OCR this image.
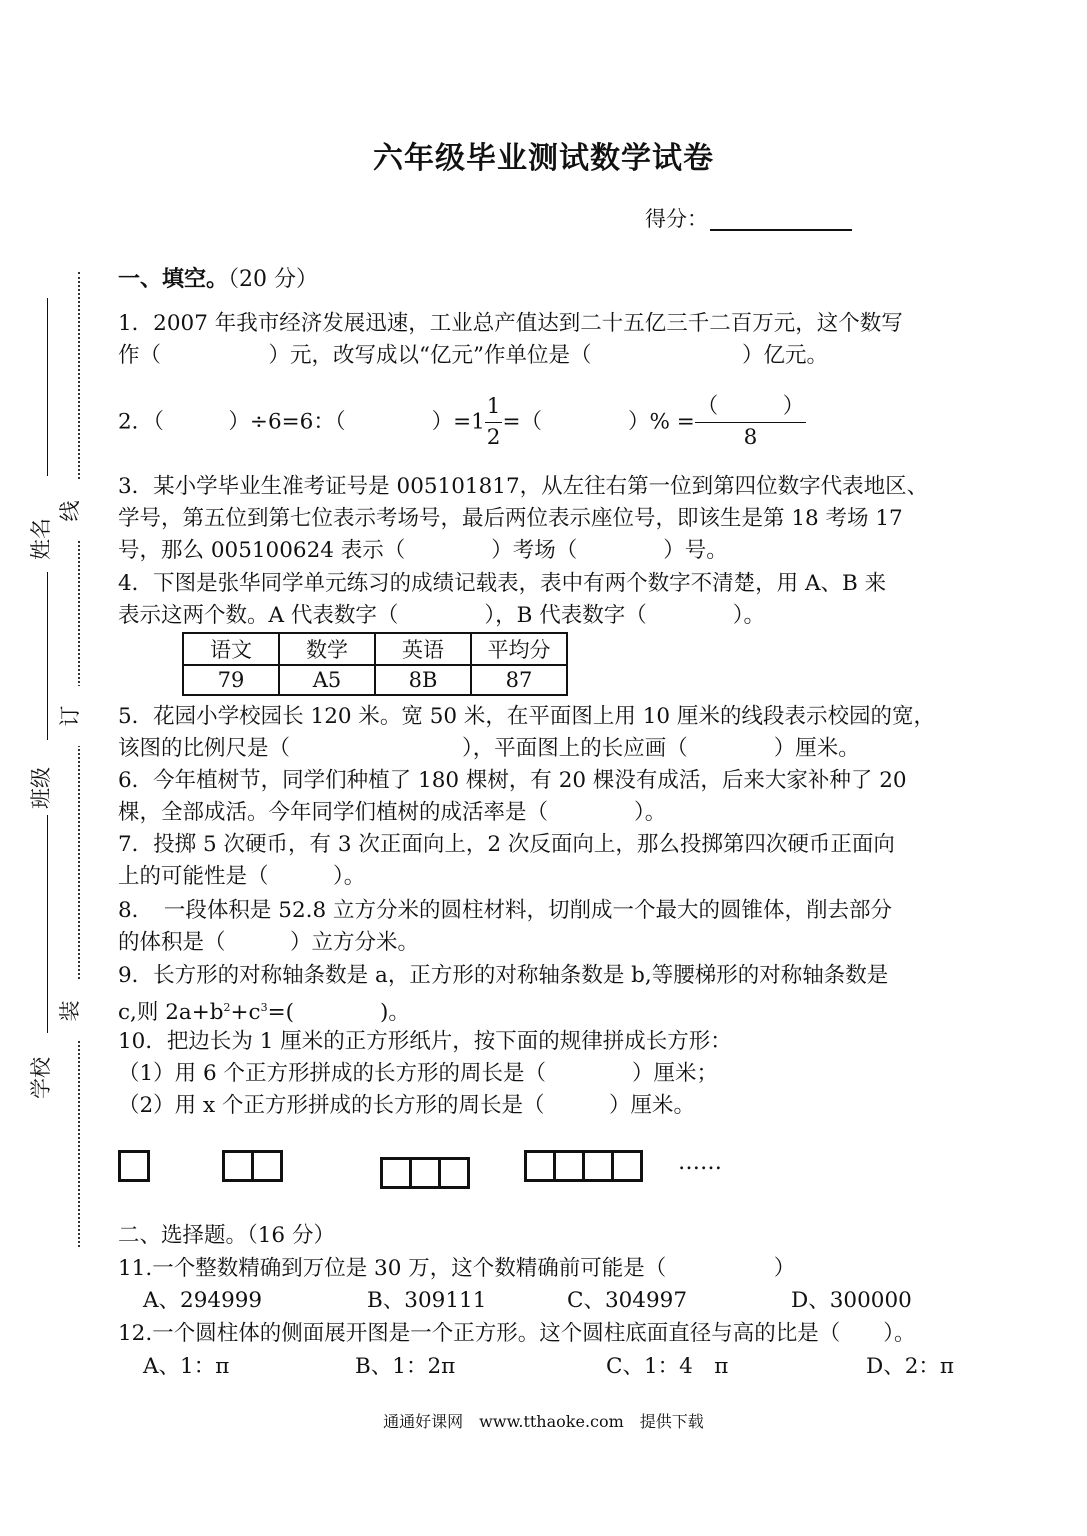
六年级毕业测试数学试卷
得分：
姓名
班级
学校
线
订
装
一、填空。（20 分）
1．2007 年我市经济发展迅速，工业总产值达到二十五亿三千二百万元，这个数写
作（　　　　　）元，改写成以“亿元”作单位是（　　　　　　　）亿元。
2．（　　　）÷6=6：（　　　　）$=1 \frac{1}{2}$ =（　　　　）% = $\frac{( )}{8}$
3．某小学毕业生准考证号是 005101817，从左往右第一位到第四位数字代表地区、
学号，第五位到第七位表示考场号，最后两位表示座位号，即该生是第 18 考场 17
号，那么 005100624 表示（　　　　）考场（　　　　）号。
4．下图是张华同学单元练习的成绩记载表，表中有两个数字不清楚，用 A、B 来
表示这两个数。A 代表数字（　　　　），B 代表数字（　　　　）。
语文	数学	英语	平均分
79	A5	8B	87
5．花园小学校园长 120 米。宽 50 米，在平面图上用 10 厘米的线段表示校园的宽，
该图的比例尺是（　　　　　　　　），平面图上的长应画（　　　　）厘米。
6．今年植树节，同学们种植了 180 棵树，有 20 棵没有成活，后来大家补种了 20
棵，全部成活。今年同学们植树的成活率是（　　　　）。
7．投掷 5 次硬币，有 3 次正面向上，2 次反面向上，那么投掷第四次硬币正面向
上的可能性是（　　　）。
8．　一段体积是 52.8 立方分米的圆柱材料，切削成一个最大的圆锥体，削去部分
的体积是（　　　）立方分米。
9．长方形的对称轴条数是 a，正方形的对称轴条数是 b,等腰梯形的对称轴条数是
c,则 $2a+b^2+c^3=$(　　　　)。
10．把边长为 1 厘米的正方形纸片，按下面的规律拼成长方形：
（1）用 6 个正方形拼成的长方形的周长是（　　　　）厘米；
（2）用 x 个正方形拼成的长方形的周长是（　　　）厘米。
……
二、选择题。（16 分）
11.一个整数精确到万位是 30 万，这个数精确前可能是（　　　　　）
A、294999	B、309111	C、304997	D、300000
12.一个圆柱体的侧面展开图是一个正方形。这个圆柱底面直径与高的比是（　　）。
A、1：π	B、1：2π	C、1：4　π	D、2：π
通通好课网　www.tthaoke.com　提供下载
